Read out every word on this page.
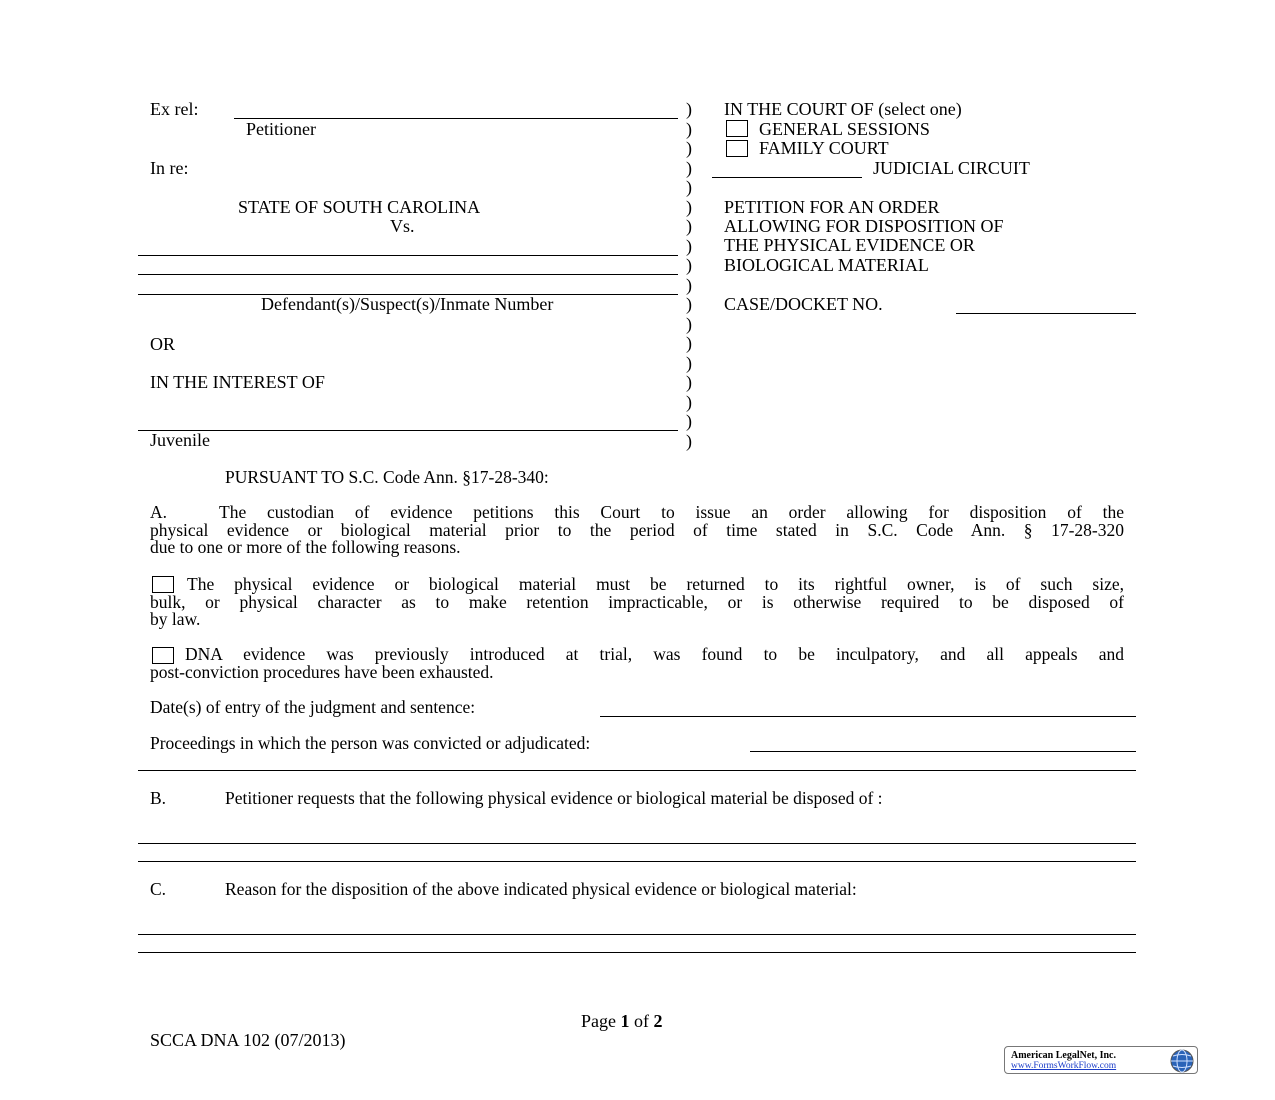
Ex rel:
Petitioner
In re:
STATE OF SOUTH CAROLINA
Vs.
Defendant(s)/Suspect(s)/Inmate Number
OR
IN THE INTEREST OF
Juvenile
)
)
)
)
)
)
)
)
)
)
)
)
)
)
)
)
)
)
IN THE COURT OF (select one)
GENERAL SESSIONS
FAMILY COURT
JUDICIAL CIRCUIT
PETITION FOR AN ORDER
ALLOWING FOR DISPOSITION OF
THE PHYSICAL EVIDENCE OR
BIOLOGICAL MATERIAL
CASE/DOCKET NO.
PURSUANT TO S.C. Code Ann. §17-28-340:
A.	The custodian of evidence petitions this Court to issue an order allowing for disposition of the
physical evidence or biological material prior to the period of time stated in S.C. Code Ann. § 17-28-320
due to one or more of the following reasons.
The physical evidence or biological material must be returned to its rightful owner, is of such size,
bulk, or physical character as to make retention impracticable, or is otherwise required to be disposed of
by law.
DNA evidence was previously introduced at trial, was found to be inculpatory, and all appeals and
post-conviction procedures have been exhausted.
Date(s) of entry of the judgment and sentence:
Proceedings in which the person was convicted or adjudicated:
B.	Petitioner requests that the following physical evidence or biological material be disposed of :
C.	Reason for the disposition of the above indicated physical evidence or biological material:
Page 1 of 2
SCCA DNA 102 (07/2013)
American LegalNet, Inc.
www.FormsWorkFlow.com
